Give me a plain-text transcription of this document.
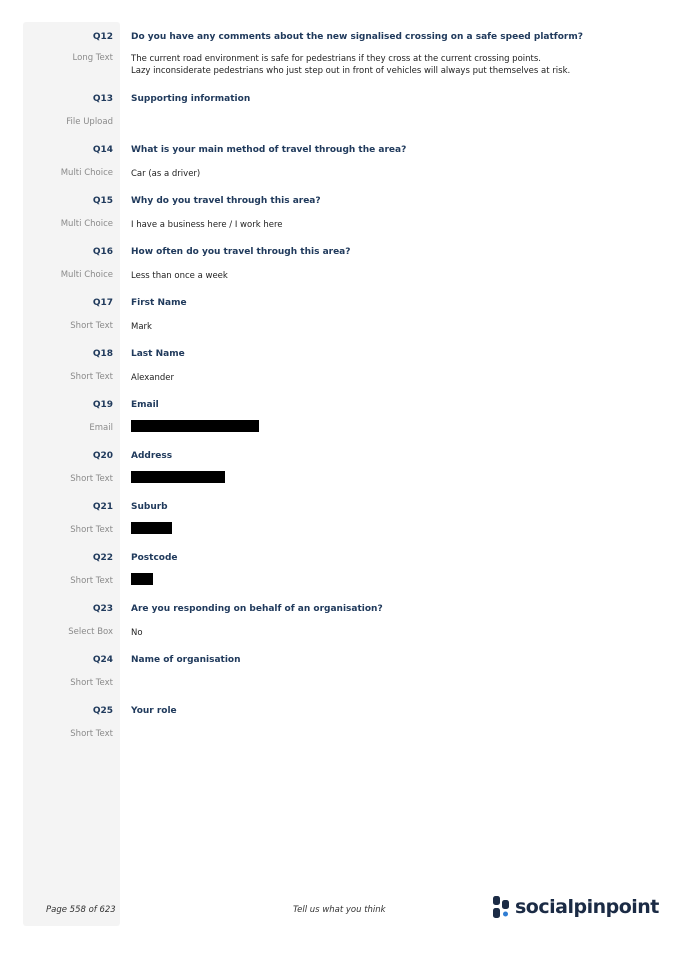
Q12 Do you have any comments about the new signalised crossing on a safe speed platform?
Long Text The current road environment is safe for pedestrians if they cross at the current crossing points.
Lazy inconsiderate pedestrians who just step out in front of vehicles will always put themselves at risk.
Q13 Supporting information
File Upload
Q14 What is your main method of travel through the area?
Multi Choice Car (as a driver)
Q15 Why do you travel through this area?
Multi Choice I have a business here / I work here
Q16 How often do you travel through this area?
Multi Choice Less than once a week
Q17 First Name
Short Text Mark
Q18 Last Name
Short Text Alexander
Q19 Email
Email
Q20 Address
Short Text
Q21 Suburb
Short Text
Q22 Postcode
Short Text
Q23 Are you responding on behalf of an organisation?
Select Box No
Q24 Name of organisation
Short Text
Q25 Your role
Short Text
Page 558 of 623	Tell us what you think	socialpinpoint
